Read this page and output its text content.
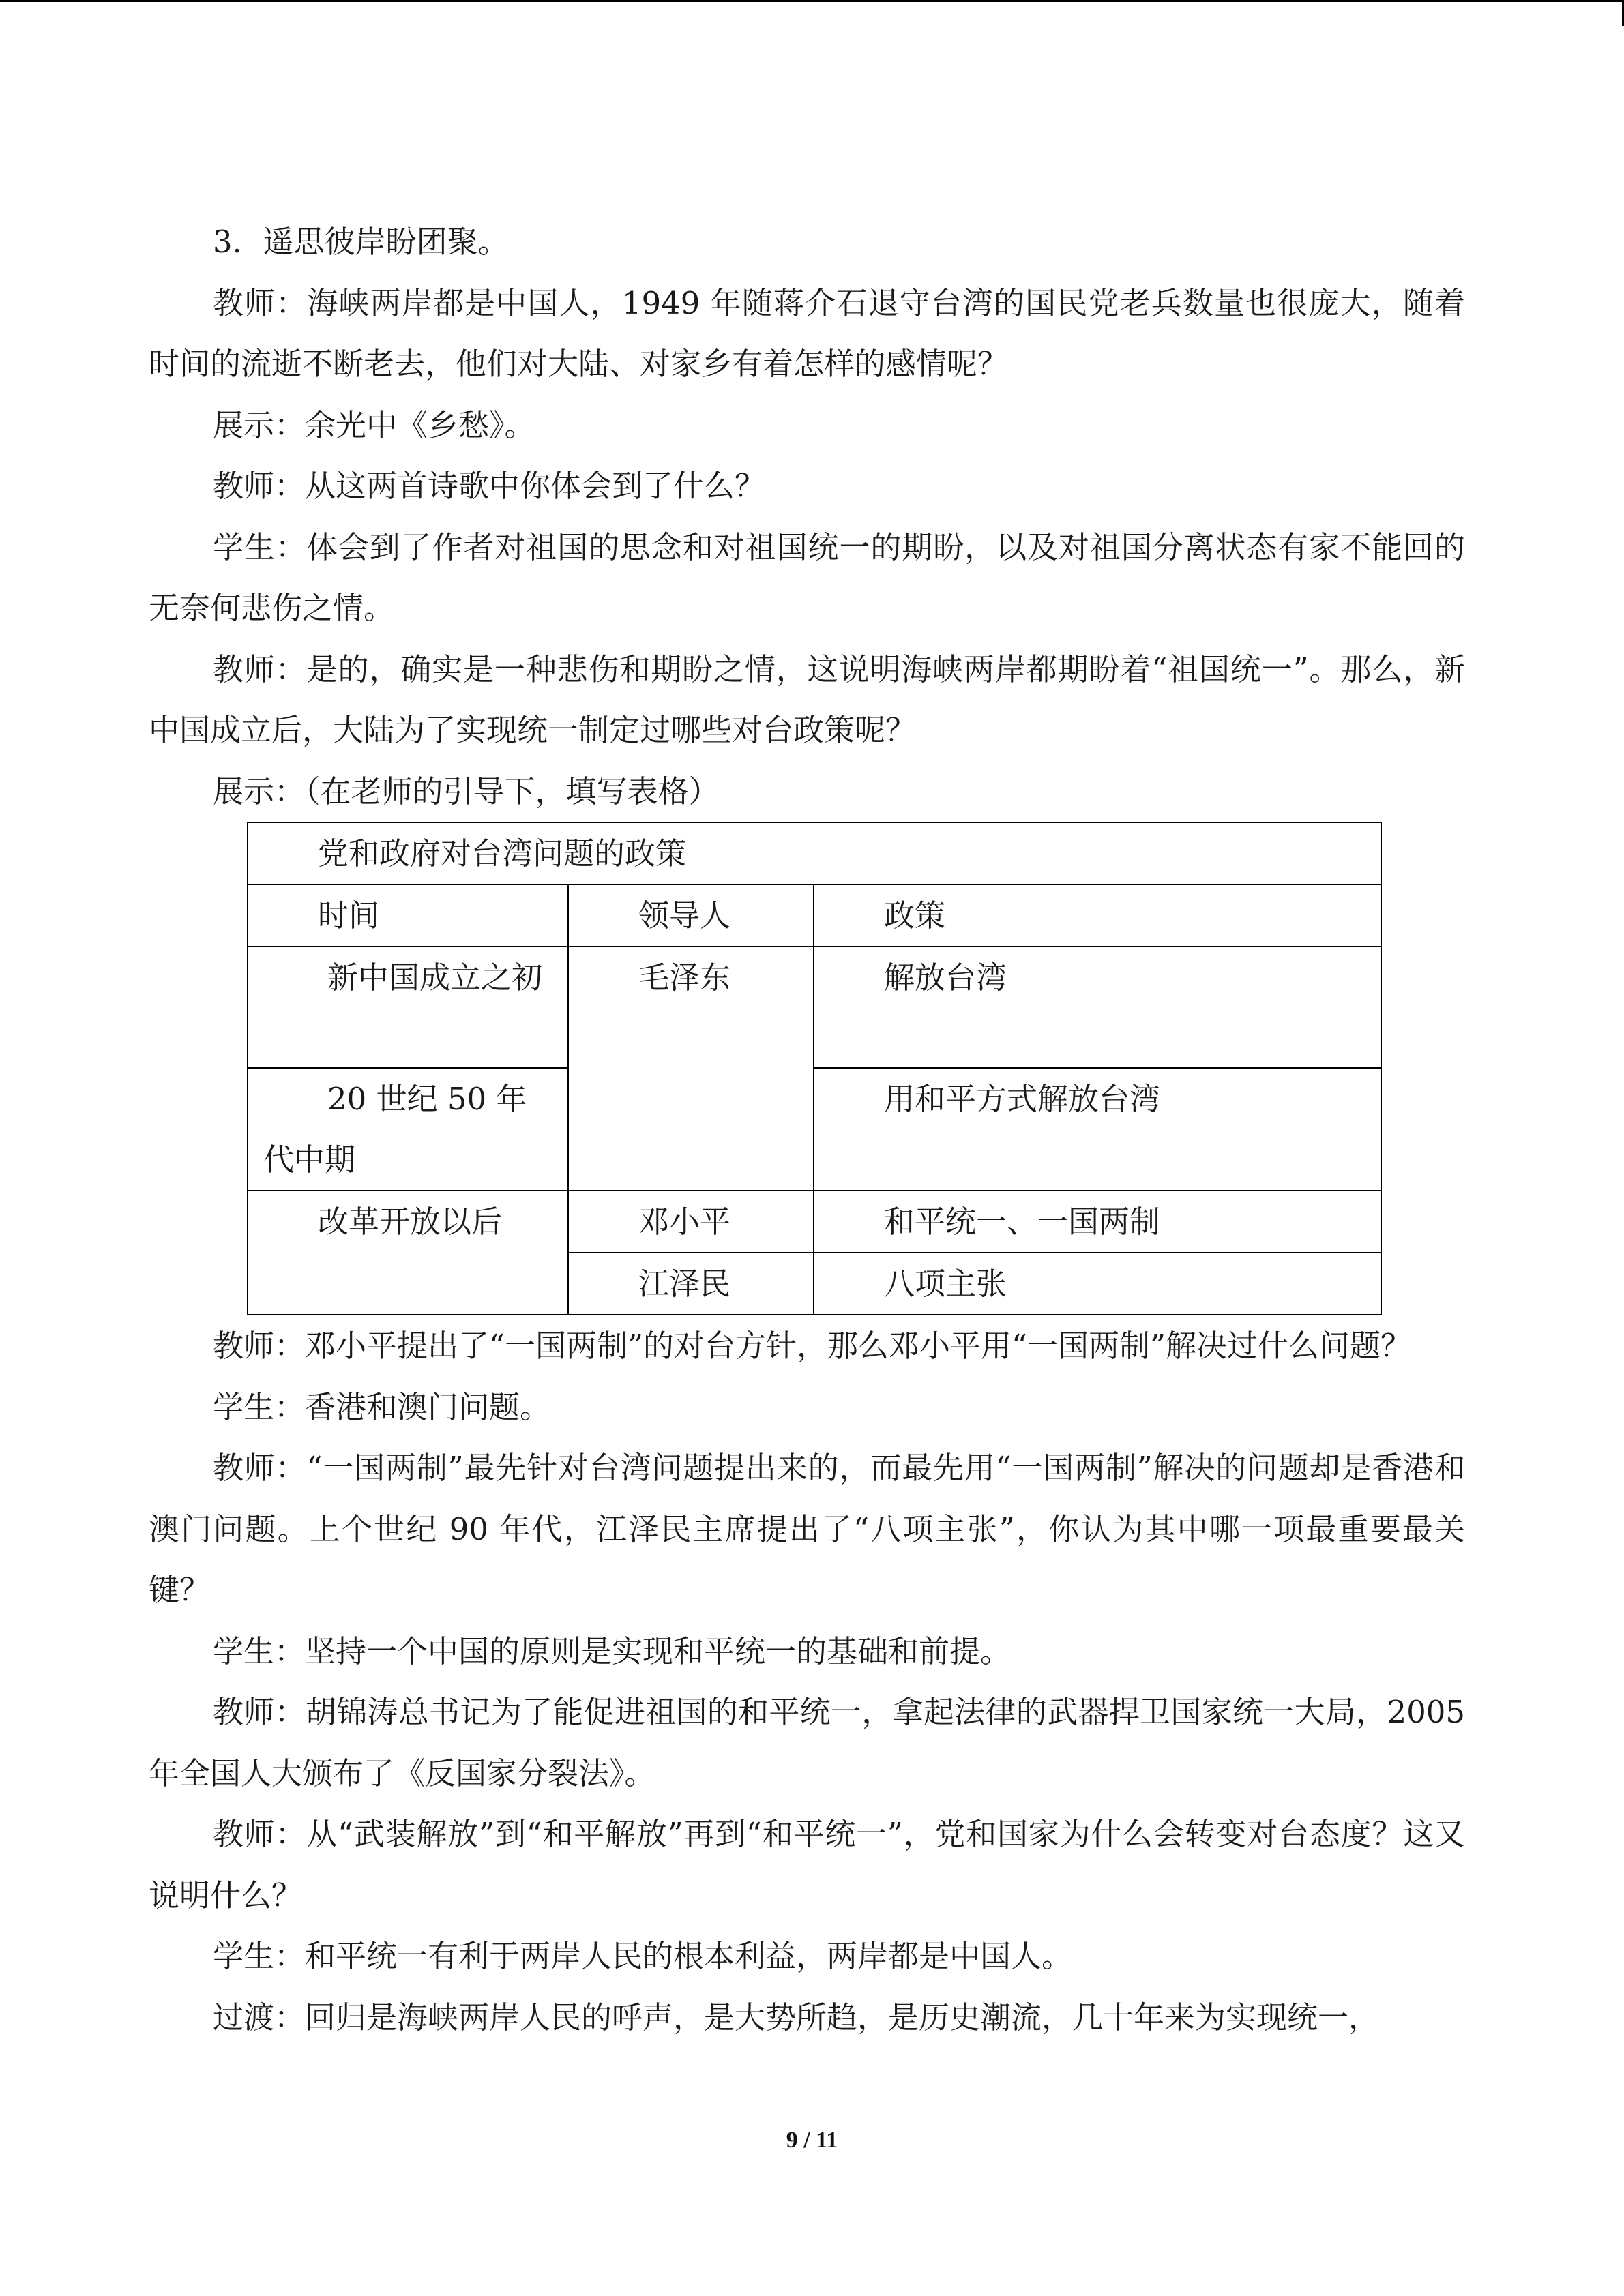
3．遥思彼岸盼团聚。

教师：海峡两岸都是中国人，1949 年随蒋介石退守台湾的国民党老兵数量也很庞大，随着时间的流逝不断老去，他们对大陆、对家乡有着怎样的感情呢？

展示：余光中《乡愁》。

教师：从这两首诗歌中你体会到了什么？

学生：体会到了作者对祖国的思念和对祖国统一的期盼，以及对祖国分离状态有家不能回的无奈何悲伤之情。

教师：是的，确实是一种悲伤和期盼之情，这说明海峡两岸都期盼着“祖国统一”。那么，新中国成立后，大陆为了实现统一制定过哪些对台政策呢？

展示：（在老师的引导下，填写表格）

党和政府对台湾问题的政策		
时间	领导人	政策
新中国成立之初	毛泽东	解放台湾
20 世纪 50 年代中期		用和平方式解放台湾
改革开放以后	邓小平	和平统一、一国两制
	江泽民	八项主张

教师：邓小平提出了“一国两制”的对台方针，那么邓小平用“一国两制”解决过什么问题？

学生：香港和澳门问题。

教师：“一国两制”最先针对台湾问题提出来的，而最先用“一国两制”解决的问题却是香港和澳门问题。上个世纪 90 年代，江泽民主席提出了“八项主张”，你认为其中哪一项最重要最关键？

学生：坚持一个中国的原则是实现和平统一的基础和前提。

教师：胡锦涛总书记为了能促进祖国的和平统一，拿起法律的武器捍卫国家统一大局，2005 年全国人大颁布了《反国家分裂法》。

教师：从“武装解放”到“和平解放”再到“和平统一”，党和国家为什么会转变对台态度？这又说明什么？

学生：和平统一有利于两岸人民的根本利益，两岸都是中国人。

过渡：回归是海峡两岸人民的呼声，是大势所趋，是历史潮流，几十年来为实现统一，

9 / 11
